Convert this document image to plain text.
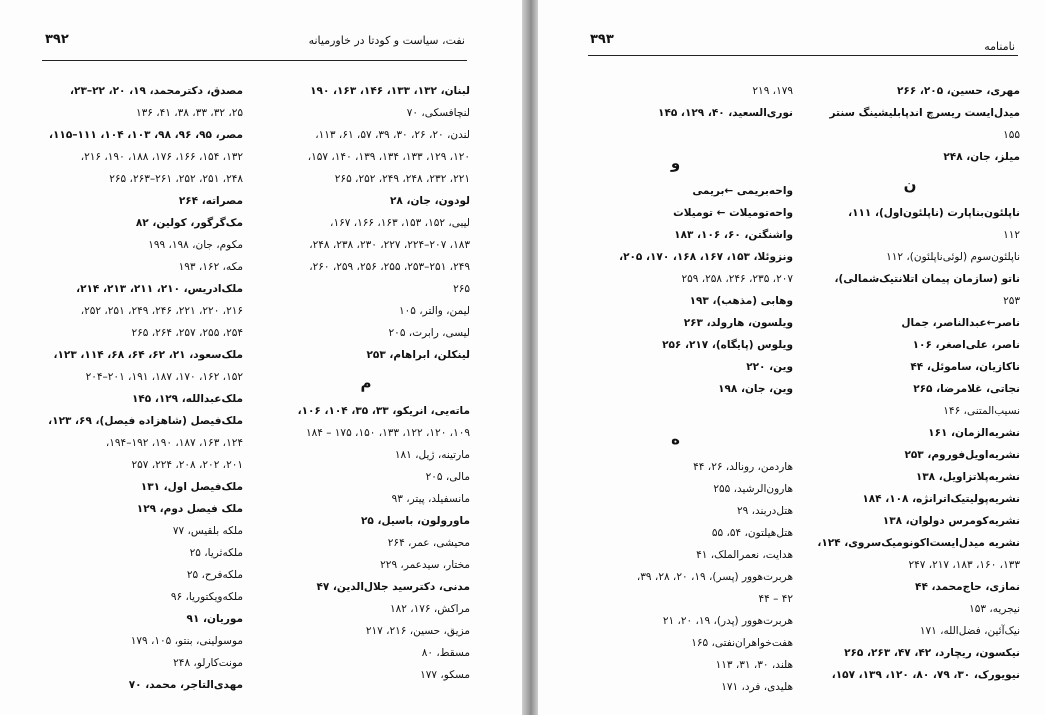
۳۹۲	نفت، سیاست و کودتا در خاورمیانه
لبنان، ۱۳۲، ۱۳۳، ۱۴۶، ۱۶۳، ۱۹۰
لنچافسکی، ۷۰
لندن، ۲۰، ۲۶، ۳۰، ۳۹، ۵۷، ۶۱، ۱۱۳،
۱۲۰، ۱۲۹، ۱۳۳، ۱۳۴، ۱۳۹، ۱۴۰، ۱۵۷،
۲۲۱، ۲۳۲، ۲۴۸، ۲۴۹، ۲۵۲، ۲۶۵
لودون، جان، ۲۸
لیبی، ۱۵۲، ۱۵۳، ۱۶۳، ۱۶۶، ۱۶۷،
۱۸۳، ۲۰۷–۲۲۴، ۲۲۷، ۲۳۰، ۲۳۸، ۲۴۸،
۲۴۹، ۲۵۱–۲۵۳، ۲۵۵، ۲۵۶، ۲۵۹، ۲۶۰،
۲۶۵
لیمن، والتر، ۱۰۵
لیسی، رابرت، ۲۰۵
لینکلن، ابراهام، ۲۵۳
م
ماته‌یی، انریکو، ۳۳، ۳۵، ۱۰۴، ۱۰۶،
۱۰۹، ۱۲۰، ۱۲۲، ۱۳۳، ۱۵۰، ۱۷۵ – ۱۸۴
مارتینه، ژیل، ۱۸۱
مالی، ۲۰۵
مانسفیلد، پیتر، ۹۳
ماورولون، باسیل، ۲۵
محیشی، عمر، ۲۶۴
مختار، سیدعمر، ۲۲۹
مدنی، دکترسید جلال‌الدین، ۴۷
مراکش، ۱۷۶، ۱۸۲
مزیق، حسین، ۲۱۶، ۲۱۷
مسقط، ۸۰
مسکو، ۱۷۷
مصدق، دکترمحمد، ۱۹، ۲۰، ۲۲–۲۳،
۲۵، ۳۲، ۳۳، ۳۸، ۴۱، ۱۳۶
مصر، ۹۵، ۹۶، ۹۸، ۱۰۳، ۱۰۴، ۱۱۱–۱۱۵،
۱۳۲، ۱۵۴، ۱۶۶، ۱۷۶، ۱۸۸، ۱۹۰، ۲۱۶،
۲۴۸، ۲۵۱، ۲۵۲، ۲۶۱–۲۶۳، ۲۶۵
مصراته، ۲۶۴
مک‌گرگور، کولین، ۸۲
مکوم، جان، ۱۹۸، ۱۹۹
مکه، ۱۶۲، ۱۹۳
ملک‌ادریس، ۲۱۰، ۲۱۱، ۲۱۳، ۲۱۴،
۲۱۶، ۲۲۰، ۲۲۱، ۲۴۶، ۲۴۹، ۲۵۱، ۲۵۲،
۲۵۴، ۲۵۵، ۲۵۷، ۲۶۴، ۲۶۵
ملک‌سعود، ۲۱، ۶۲، ۶۴، ۶۸، ۱۱۴، ۱۲۳،
۱۵۲، ۱۶۲، ۱۷۰، ۱۸۷، ۱۹۱، ۲۰۱–۲۰۴
ملک‌عبدالله، ۱۲۹، ۱۴۵
ملک‌فیصل (شاهزاده فیصل)، ۶۹، ۱۲۳،
۱۲۴، ۱۶۳، ۱۸۷، ۱۹۰، ۱۹۲–۱۹۴،
۲۰۱، ۲۰۲، ۲۰۸، ۲۲۴، ۲۵۷
ملک‌فیصل اول، ۱۳۱
ملک فیصل دوم، ۱۲۹
ملکه بلقیس، ۷۷
ملکه‌ثریا، ۲۵
ملکه‌فرح، ۲۵
ملکه‌ویکتوریا، ۹۶
موریان، ۹۱
موسولینی، بنتو، ۱۰۵، ۱۷۹
مونت‌کارلو، ۲۴۸
مهدی‌التاجر، محمد، ۷۰
۳۹۳	نامنامه
مهری، حسین، ۲۰۵، ۲۶۶
میدل‌ایست ریسرچ اندپابلیشینگ سنتر
۱۵۵
میلز، جان، ۲۴۸
ن
ناپلئون‌بناپارت (ناپلئون‌اول)، ۱۱۱،
۱۱۲
ناپلئون‌سوم (لوئی‌ناپلئون)، ۱۱۲
ناتو (سازمان پیمان اتلانتیک‌شمالی)،
۲۵۳
ناصر←عبدالناصر، جمال
ناصر، علی‌اصغر، ۱۰۶
ناکازیان، ساموئل، ۴۴
نجاتی، غلامرضا، ۲۶۵
نسیب‌المتنی، ۱۴۶
نشریه‌الزمان، ۱۶۱
نشریه‌اویل‌فوروم، ۲۵۳
نشریه‌پلاتزاویل، ۱۳۸
نشریه‌پولیتیک‌اترانژه، ۱۰۸، ۱۸۴
نشریه‌کومرس دولوان، ۱۳۸
نشریه میدل‌ایست‌اکونومیک‌سروی، ۱۲۴،
۱۳۳، ۱۶۰، ۱۸۳، ۲۱۷، ۲۴۷
نمازی، حاج‌محمد، ۴۴
نیجریه، ۱۵۳
نیک‌آئین، فضل‌الله، ۱۷۱
نیکسون، ریچارد، ۴۲، ۴۷، ۲۶۳، ۲۶۵
نیویورک، ۳۰، ۷۹، ۸۰، ۱۲۰، ۱۳۹، ۱۵۷،
۱۷۹، ۲۱۹
نوری‌السعید، ۴۰، ۱۲۹، ۱۴۵
و
واحه‌بریمی ←بریمی
واحه‌تومیلات ← تومیلات
واشنگتن، ۶۰، ۱۰۶، ۱۸۳
ونزوئلا، ۱۵۳، ۱۶۷، ۱۶۸، ۱۷۰، ۲۰۵،
۲۰۷، ۲۳۵، ۲۴۶، ۲۵۸، ۲۵۹
وهابی (مذهب)، ۱۹۳
ویلسون، هارولد، ۲۶۳
ویلوس (پایگاه)، ۲۱۷، ۲۵۶
وین، ۲۲۰
وین، جان، ۱۹۸
ه
هاردمن، رونالد، ۲۶، ۴۴
هارون‌الرشید، ۲۵۵
هتل‌دربند، ۲۹
هتل‌هیلتون، ۵۴، ۵۵
هدایت، نعمرالملک، ۴۱
هربرت‌هوور (پسر)، ۱۹، ۲۰، ۲۸، ۳۹،
۴۲ – ۴۴
هربرت‌هوور (پدر)، ۱۹، ۲۰، ۲۱
هفت‌خواهران‌نفتی، ۱۶۵
هلند، ۳۰، ۳۱، ۱۱۳
هلیدی، فرد، ۱۷۱
